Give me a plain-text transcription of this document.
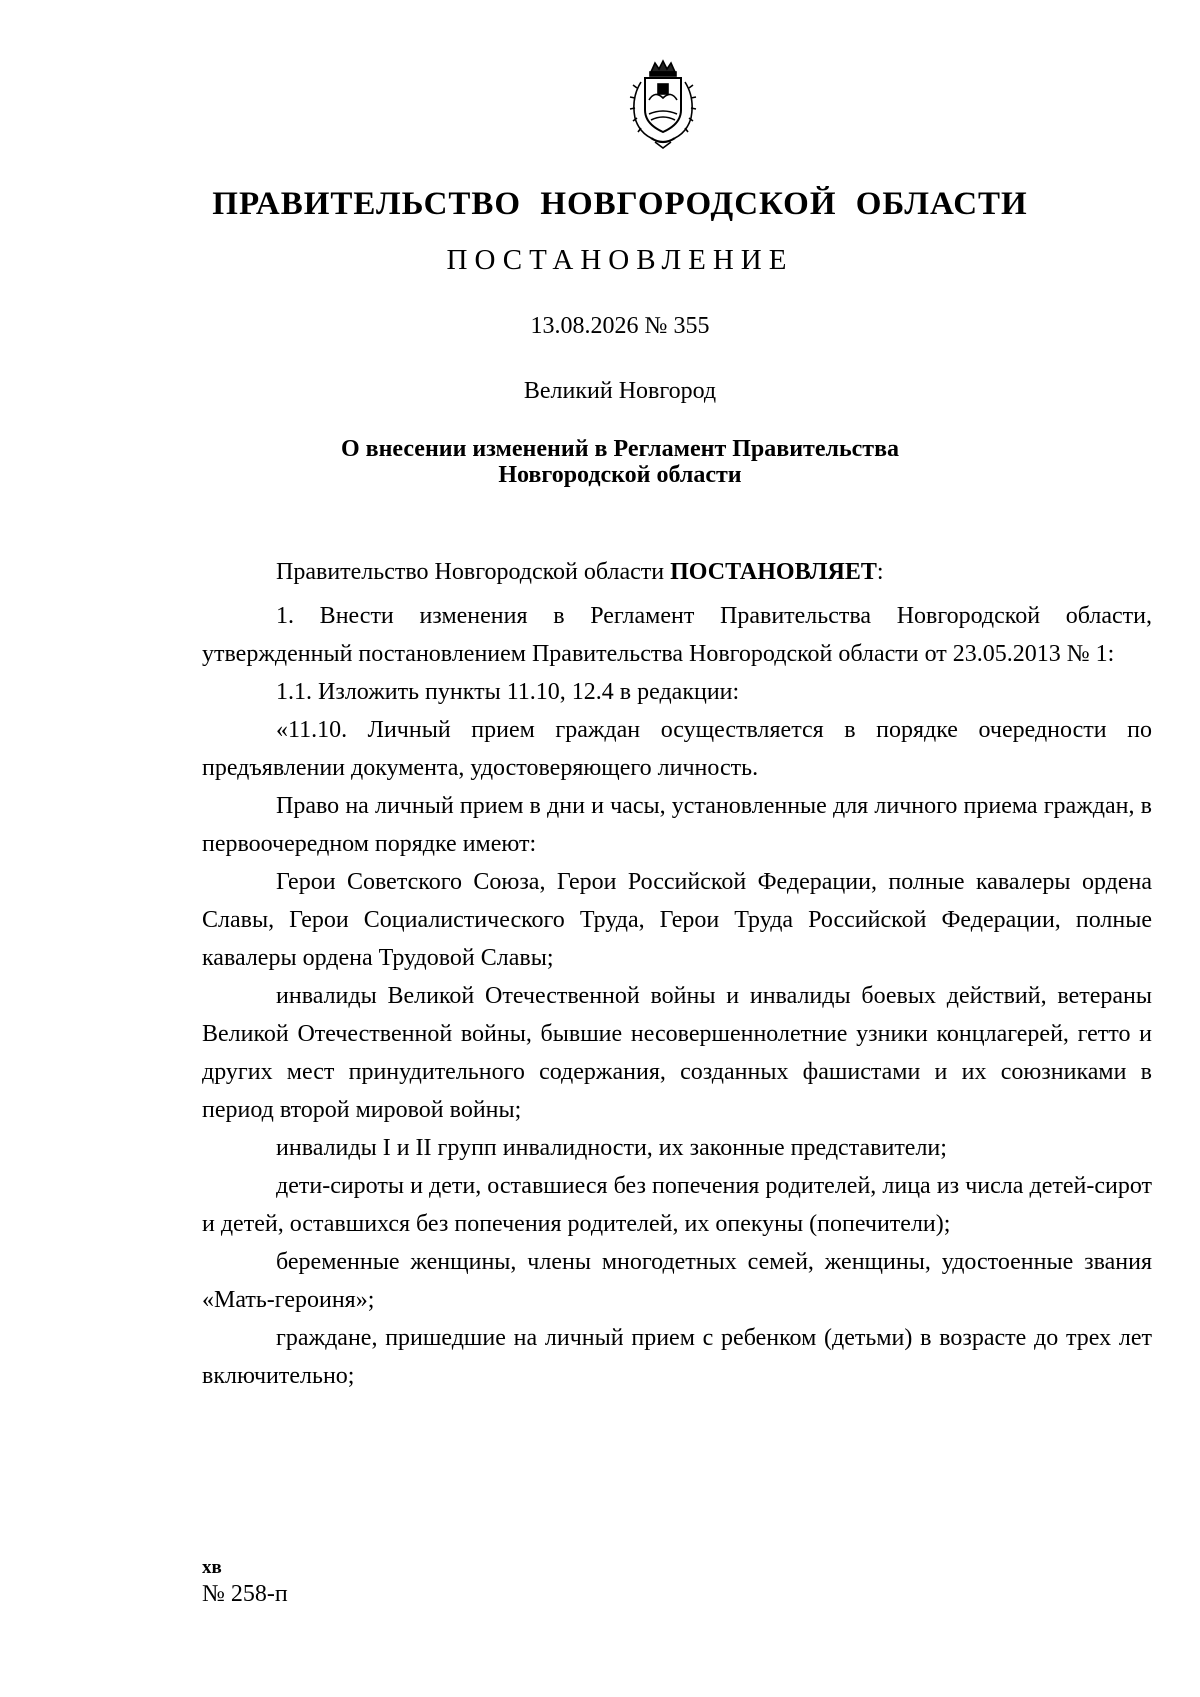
ПРАВИТЕЛЬСТВО НОВГОРОДСКОЙ ОБЛАСТИ
ПОСТАНОВЛЕНИЕ
13.08.2026 № 355
Великий Новгород
О внесении изменений в Регламент Правительства
Новгородской области

Правительство Новгородской области ПОСТАНОВЛЯЕТ:

1. Внести изменения в Регламент Правительства Новгородской области, утвержденный постановлением Правительства Новгородской области от 23.05.2013 № 1:

1.1. Изложить пункты 11.10, 12.4 в редакции:

«11.10. Личный прием граждан осуществляется в порядке очередности по предъявлении документа, удостоверяющего личность.

Право на личный прием в дни и часы, установленные для личного приема граждан, в первоочередном порядке имеют:

Герои Советского Союза, Герои Российской Федерации, полные кавалеры ордена Славы, Герои Социалистического Труда, Герои Труда Российской Федерации, полные кавалеры ордена Трудовой Славы;

инвалиды Великой Отечественной войны и инвалиды боевых действий, ветераны Великой Отечественной войны, бывшие несовершеннолетние узники концлагерей, гетто и других мест принудительного содержания, созданных фашистами и их союзниками в период второй мировой войны;

инвалиды I и II групп инвалидности, их законные представители;

дети-сироты и дети, оставшиеся без попечения родителей, лица из числа детей-сирот и детей, оставшихся без попечения родителей, их опекуны (попечители);

беременные женщины, члены многодетных семей, женщины, удостоенные звания «Мать-героиня»;

граждане, пришедшие на личный прием с ребенком (детьми) в возрасте до трех лет включительно;

хв
№ 258-п
